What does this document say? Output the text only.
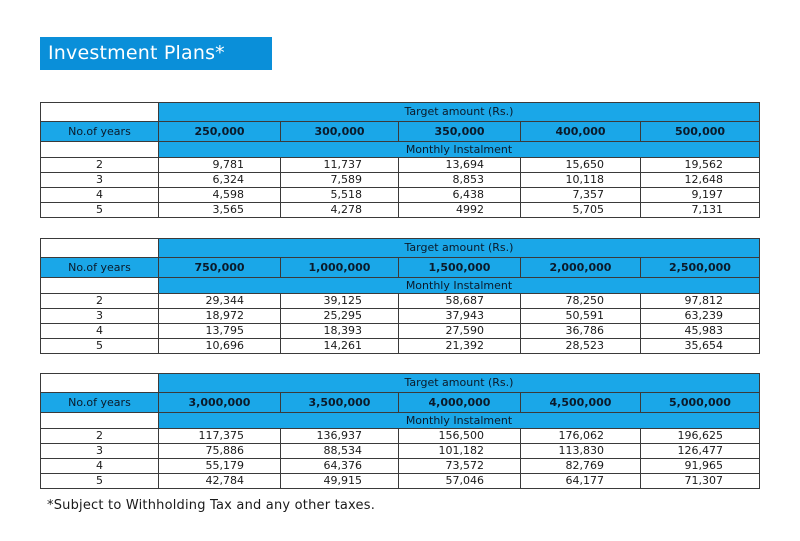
Investment Plans*
	Target amount (Rs.)				
No.of years	250,000	300,000	350,000	400,000	500,000
	Monthly Instalment				
2	9,781	11,737	13,694	15,650	19,562
3	6,324	7,589	8,853	10,118	12,648
4	4,598	5,518	6,438	7,357	9,197
5	3,565	4,278	4992	5,705	7,131
	Target amount (Rs.)				
No.of years	750,000	1,000,000	1,500,000	2,000,000	2,500,000
	Monthly Instalment				
2	29,344	39,125	58,687	78,250	97,812
3	18,972	25,295	37,943	50,591	63,239
4	13,795	18,393	27,590	36,786	45,983
5	10,696	14,261	21,392	28,523	35,654
	Target amount (Rs.)				
No.of years	3,000,000	3,500,000	4,000,000	4,500,000	5,000,000
	Monthly Instalment				
2	117,375	136,937	156,500	176,062	196,625
3	75,886	88,534	101,182	113,830	126,477
4	55,179	64,376	73,572	82,769	91,965
5	42,784	49,915	57,046	64,177	71,307
*Subject to Withholding Tax and any other taxes.
